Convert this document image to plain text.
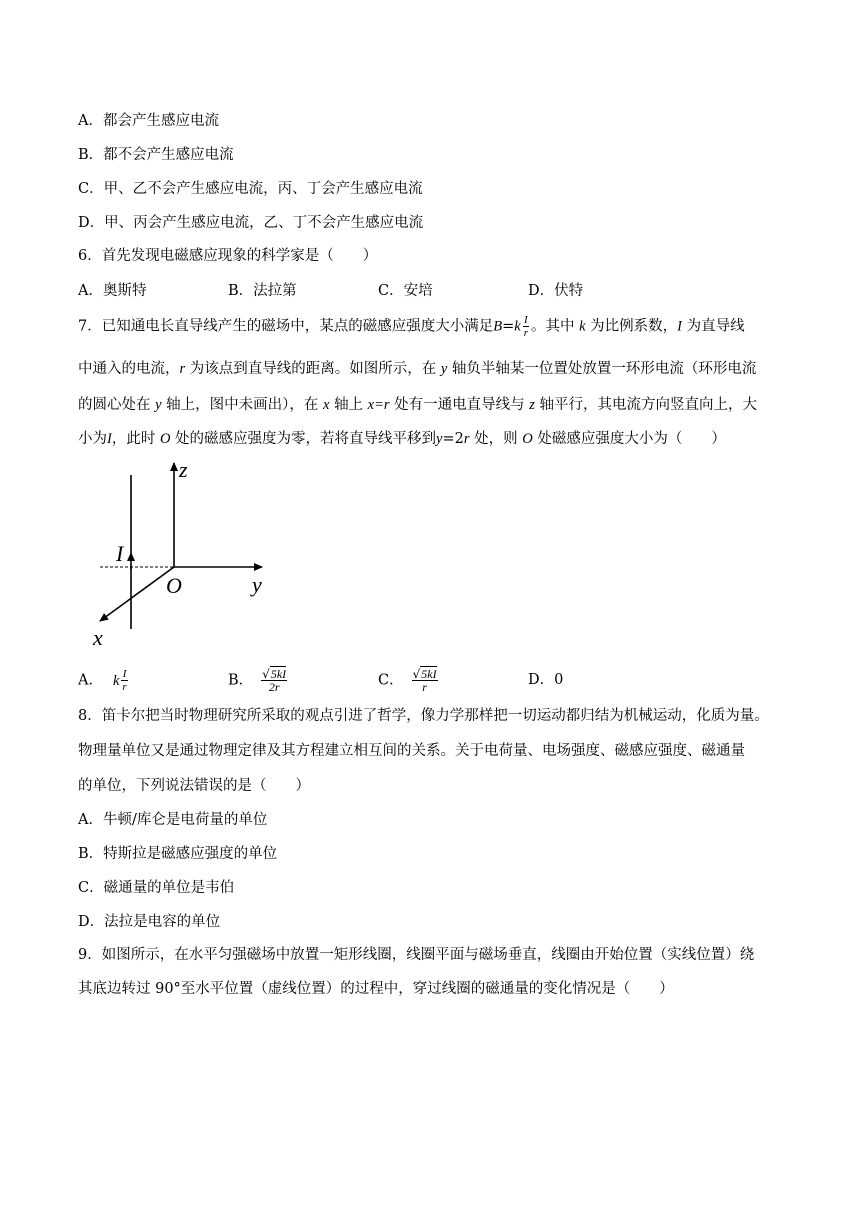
A．都会产生感应电流
B．都不会产生感应电流
C．甲、乙不会产生感应电流，丙、丁会产生感应电流
D．甲、丙会产生感应电流，乙、丁不会产生感应电流
6．首先发现电磁感应现象的科学家是（　　）
A．奥斯特	B．法拉第	C．安培	D．伏特
7．已知通电长直导线产生的磁场中，某点的磁感应强度大小满足$B=k \frac{I}{r}$ 。其中 k 为比例系数，I 为直导线
中通入的电流，r 为该点到直导线的距离。如图所示，在 y 轴负半轴某一位置处放置一环形电流（环形电流
的圆心处在 y 轴上，图中未画出），在 x 轴上 x=r 处有一通电直导线与 z 轴平行，其电流方向竖直向上，大
小为I，此时 O 处的磁感应强度为零，若将直导线平移到y=2r 处，则 O 处磁感应强度大小为（　　）
z
y
x
O
I
A． k $\frac{I}{r}$	B． $\frac{√5kI}{2r}$	C． $\frac{√5kI}{r}$	D．0
8．笛卡尔把当时物理研究所采取的观点引进了哲学，像力学那样把一切运动都归结为机械运动，化质为量。
物理量单位又是通过物理定律及其方程建立相互间的关系。关于电荷量、电场强度、磁感应强度、磁通量
的单位，下列说法错误的是（　　）
A．牛顿/库仑是电荷量的单位
B．特斯拉是磁感应强度的单位
C．磁通量的单位是韦伯
D．法拉是电容的单位
9．如图所示，在水平匀强磁场中放置一矩形线圈，线圈平面与磁场垂直，线圈由开始位置（实线位置）绕
其底边转过 90°至水平位置（虚线位置）的过程中，穿过线圈的磁通量的变化情况是（　　）
